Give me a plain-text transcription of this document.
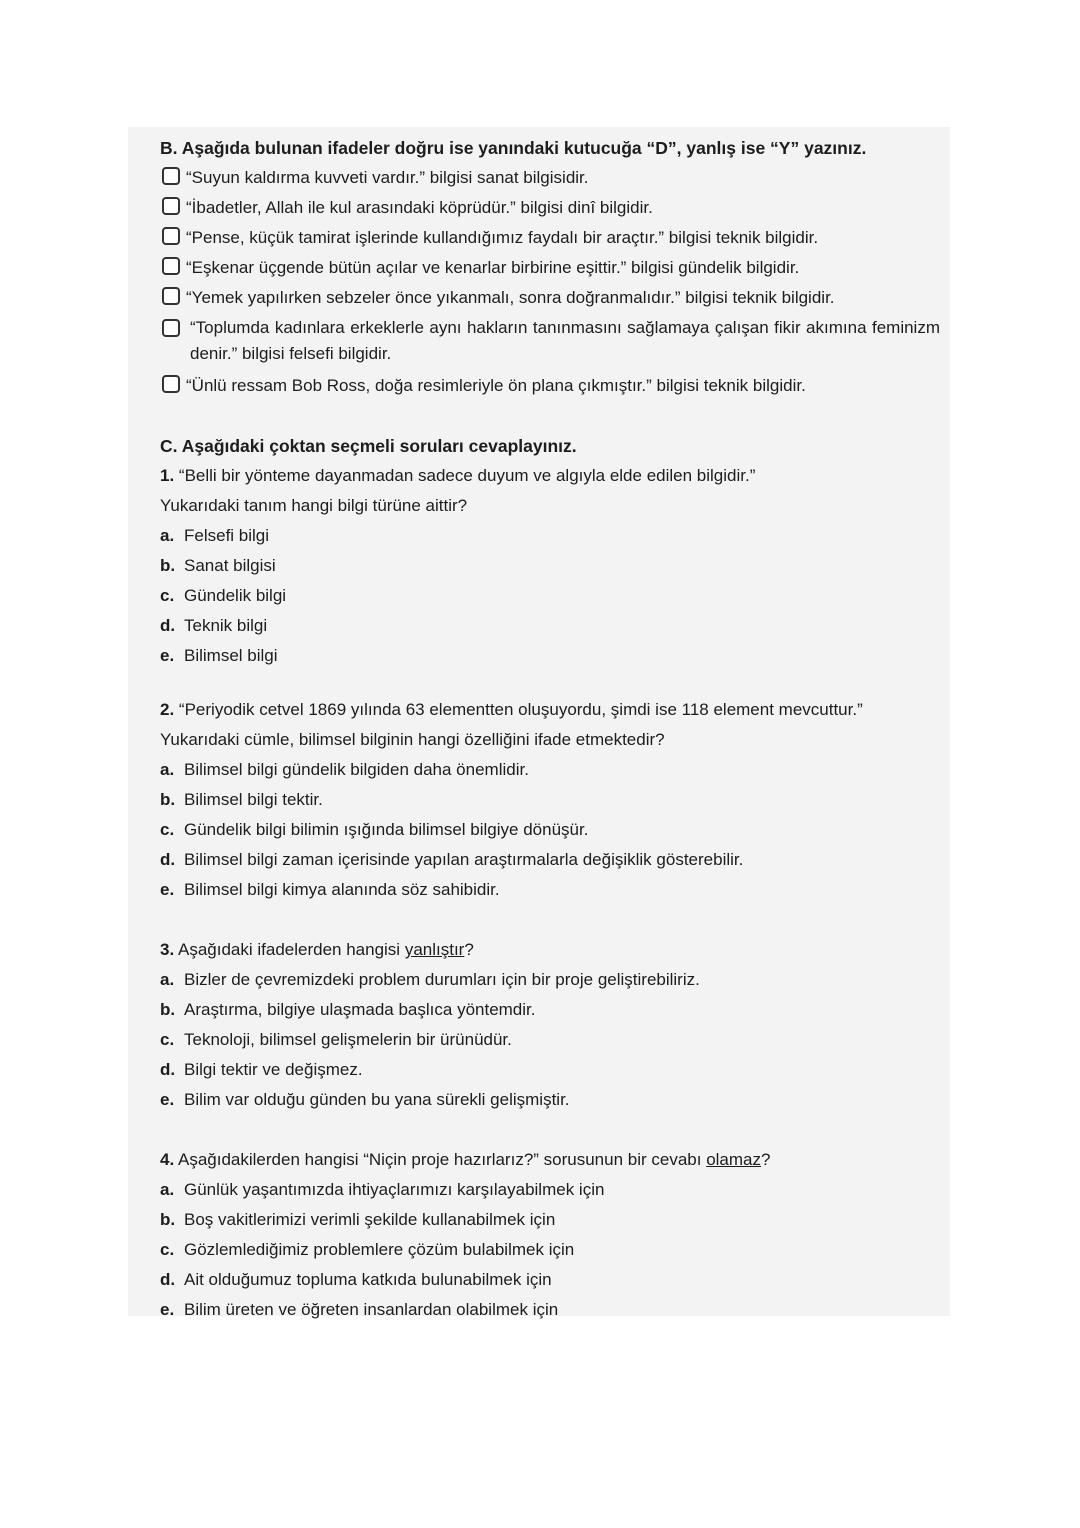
B. Aşağıda bulunan ifadeler doğru ise yanındaki kutucuğa “D”, yanlış ise “Y” yazınız.
“Suyun kaldırma kuvveti vardır.” bilgisi sanat bilgisidir.
“İbadetler, Allah ile kul arasındaki köprüdür.” bilgisi dinî bilgidir.
“Pense, küçük tamirat işlerinde kullandığımız faydalı bir araçtır.” bilgisi teknik bilgidir.
“Eşkenar üçgende bütün açılar ve kenarlar birbirine eşittir.” bilgisi gündelik bilgidir.
“Yemek yapılırken sebzeler önce yıkanmalı, sonra doğranmalıdır.” bilgisi teknik bilgidir.
“Toplumda kadınlara erkeklerle aynı hakların tanınmasını sağlamaya çalışan fikir akımına feminizm denir.” bilgisi felsefi bilgidir.
“Ünlü ressam Bob Ross, doğa resimleriyle ön plana çıkmıştır.” bilgisi teknik bilgidir.
C. Aşağıdaki çoktan seçmeli soruları cevaplayınız.
1. “Belli bir yönteme dayanmadan sadece duyum ve algıyla elde edilen bilgidir.”
Yukarıdaki tanım hangi bilgi türüne aittir?
a. Felsefi bilgi
b. Sanat bilgisi
c. Gündelik bilgi
d. Teknik bilgi
e. Bilimsel bilgi
2. “Periyodik cetvel 1869 yılında 63 elementten oluşuyordu, şimdi ise 118 element mevcuttur.”
Yukarıdaki cümle, bilimsel bilginin hangi özelliğini ifade etmektedir?
a. Bilimsel bilgi gündelik bilgiden daha önemlidir.
b. Bilimsel bilgi tektir.
c. Gündelik bilgi bilimin ışığında bilimsel bilgiye dönüşür.
d. Bilimsel bilgi zaman içerisinde yapılan araştırmalarla değişiklik gösterebilir.
e. Bilimsel bilgi kimya alanında söz sahibidir.
3. Aşağıdaki ifadelerden hangisi yanlıştır?
a. Bizler de çevremizdeki problem durumları için bir proje geliştirebiliriz.
b. Araştırma, bilgiye ulaşmada başlıca yöntemdir.
c. Teknoloji, bilimsel gelişmelerin bir ürünüdür.
d. Bilgi tektir ve değişmez.
e. Bilim var olduğu günden bu yana sürekli gelişmiştir.
4. Aşağıdakilerden hangisi “Niçin proje hazırlarız?” sorusunun bir cevabı olamaz?
a. Günlük yaşantımızda ihtiyaçlarımızı karşılayabilmek için
b. Boş vakitlerimizi verimli şekilde kullanabilmek için
c. Gözlemlediğimiz problemlere çözüm bulabilmek için
d. Ait olduğumuz topluma katkıda bulunabilmek için
e. Bilim üreten ve öğreten insanlardan olabilmek için
